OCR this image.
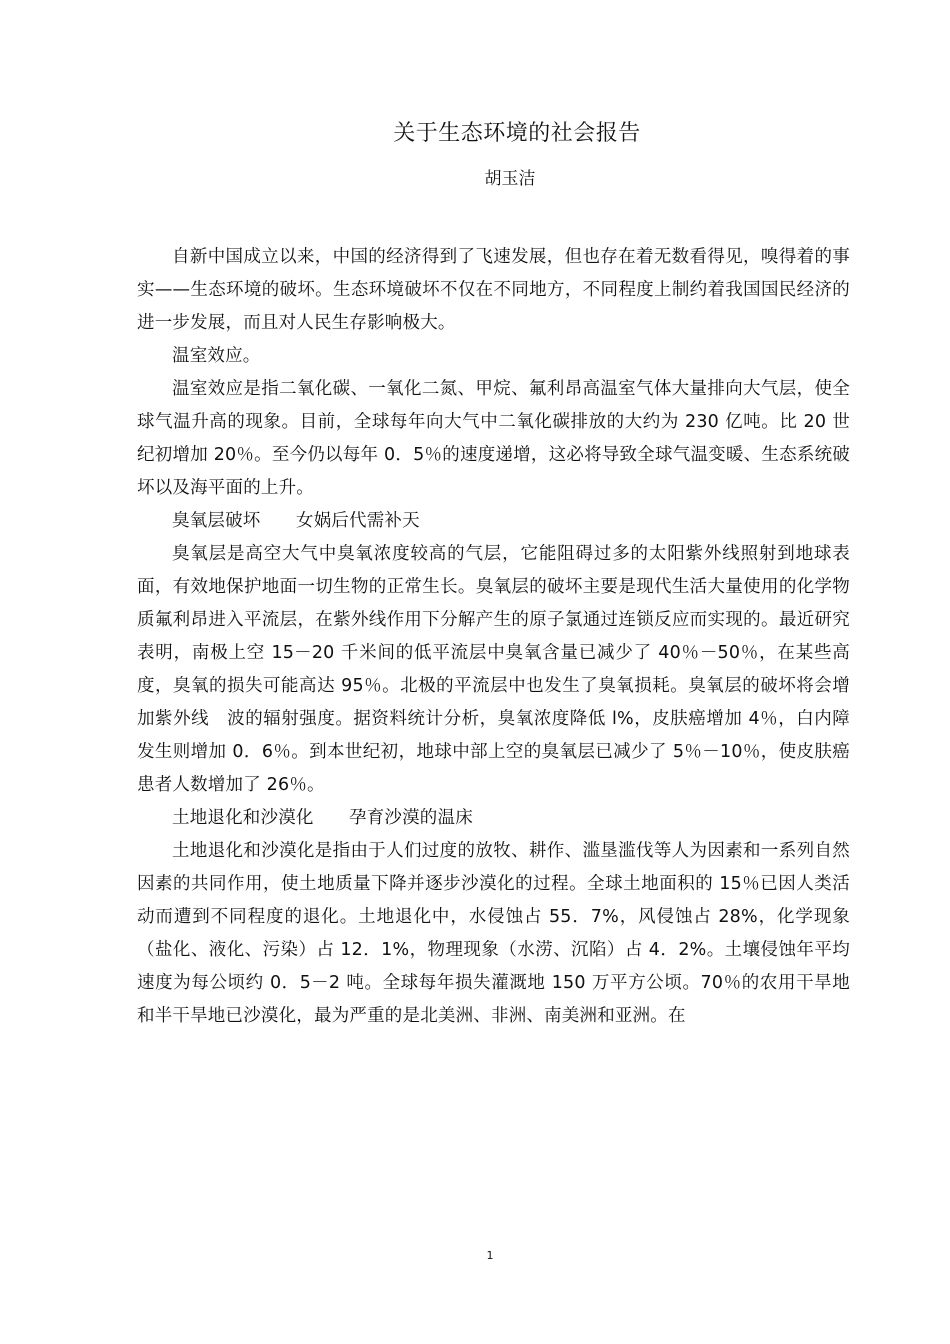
关于生态环境的社会报告
胡玉洁

自新中国成立以来，中国的经济得到了飞速发展，但也存在着无数看得见，嗅得着的事实——生态环境的破坏。生态环境破坏不仅在不同地方，不同程度上制约着我国国民经济的进一步发展，而且对人民生存影响极大。

温室效应。

温室效应是指二氧化碳、一氧化二氮、甲烷、氟利昂高温室气体大量排向大气层，使全球气温升高的现象。目前，全球每年向大气中二氧化碳排放的大约为 230 亿吨。比 20 世纪初增加 20％。至今仍以每年 0．5％的速度递增，这必将导致全球气温变暖、生态系统破坏以及海平面的上升。

臭氧层破坏　　女娲后代需补天

臭氧层是高空大气中臭氧浓度较高的气层，它能阻碍过多的太阳紫外线照射到地球表面，有效地保护地面一切生物的正常生长。臭氧层的破坏主要是现代生活大量使用的化学物质氟利昂进入平流层，在紫外线作用下分解产生的原子氯通过连锁反应而实现的。最近研究表明，南极上空 15－20 千米间的低平流层中臭氧含量已减少了 40％－50％，在某些高度，臭氧的损失可能高达 95％。北极的平流层中也发生了臭氧损耗。臭氧层的破坏将会增加紫外线　波的辐射强度。据资料统计分析，臭氧浓度降低 l%，皮肤癌增加 4％，白内障发生则增加 0．6％。到本世纪初，地球中部上空的臭氧层已减少了 5％－10％，使皮肤癌患者人数增加了 26％。

土地退化和沙漠化　　孕育沙漠的温床

土地退化和沙漠化是指由于人们过度的放牧、耕作、滥垦滥伐等人为因素和一系列自然因素的共同作用，使土地质量下降并逐步沙漠化的过程。全球土地面积的 15％已因人类活动而遭到不同程度的退化。土地退化中，水侵蚀占 55．7%，风侵蚀占 28%，化学现象（盐化、液化、污染）占 12．1%，物理现象（水涝、沉陷）占 4．2%。土壤侵蚀年平均速度为每公顷约 0．5－2 吨。全球每年损失灌溉地 150 万平方公顷。70％的农用干旱地和半干旱地已沙漠化，最为严重的是北美洲、非洲、南美洲和亚洲。在

1
